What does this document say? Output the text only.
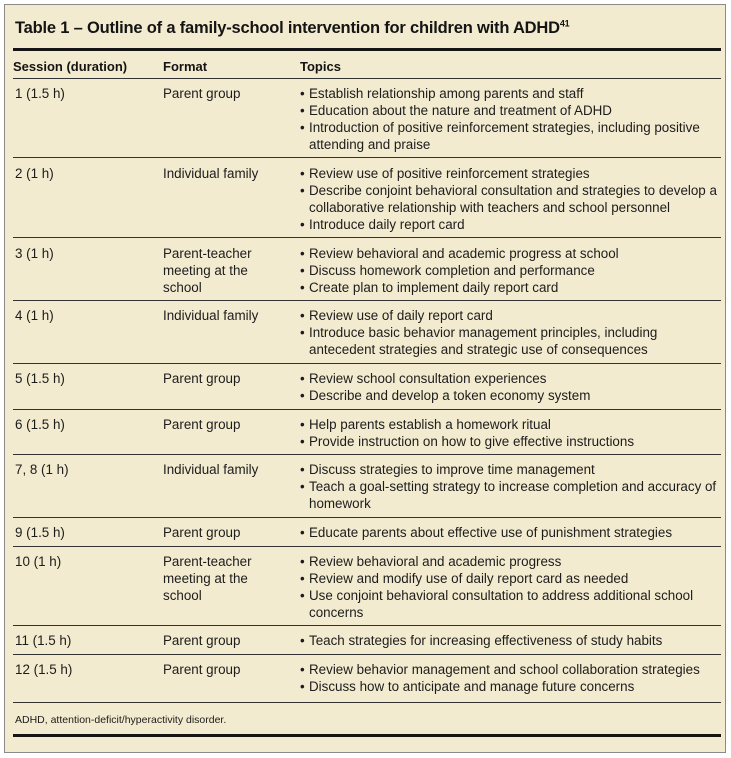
Table 1 – Outline of a family-school intervention for children with ADHD$^{41}$
Session (duration)	Format	Topics
1 (1.5 h)	Parent group	• Establish relationship among parents and staff
• Education about the nature and treatment of ADHD
• Introduction of positive reinforcement strategies, including positive attending and praise
2 (1 h)	Individual family	• Review use of positive reinforcement strategies
• Describe conjoint behavioral consultation and strategies to develop a collaborative relationship with teachers and school personnel
• Introduce daily report card
3 (1 h)	Parent-teacher meeting at the school
• Review behavioral and academic progress at school
• Discuss homework completion and performance
• Create plan to implement daily report card
4 (1 h)	Individual family	• Review use of daily report card
• Introduce basic behavior management principles, including antecedent strategies and strategic use of consequences
5 (1.5 h)	Parent group	• Review school consultation experiences
• Describe and develop a token economy system
6 (1.5 h)	Parent group	• Help parents establish a homework ritual
• Provide instruction on how to give effective instructions
7, 8 (1 h)	Individual family	• Discuss strategies to improve time management
• Teach a goal-setting strategy to increase completion and accuracy of homework
9 (1.5 h)	Parent group	• Educate parents about effective use of punishment strategies
10 (1 h)	Parent-teacher meeting at the school
• Review behavioral and academic progress
• Review and modify use of daily report card as needed
• Use conjoint behavioral consultation to address additional school concerns
11 (1.5 h)	Parent group	• Teach strategies for increasing effectiveness of study habits
12 (1.5 h)	Parent group	• Review behavior management and school collaboration strategies
• Discuss how to anticipate and manage future concerns
ADHD, attention-deficit/hyperactivity disorder.
